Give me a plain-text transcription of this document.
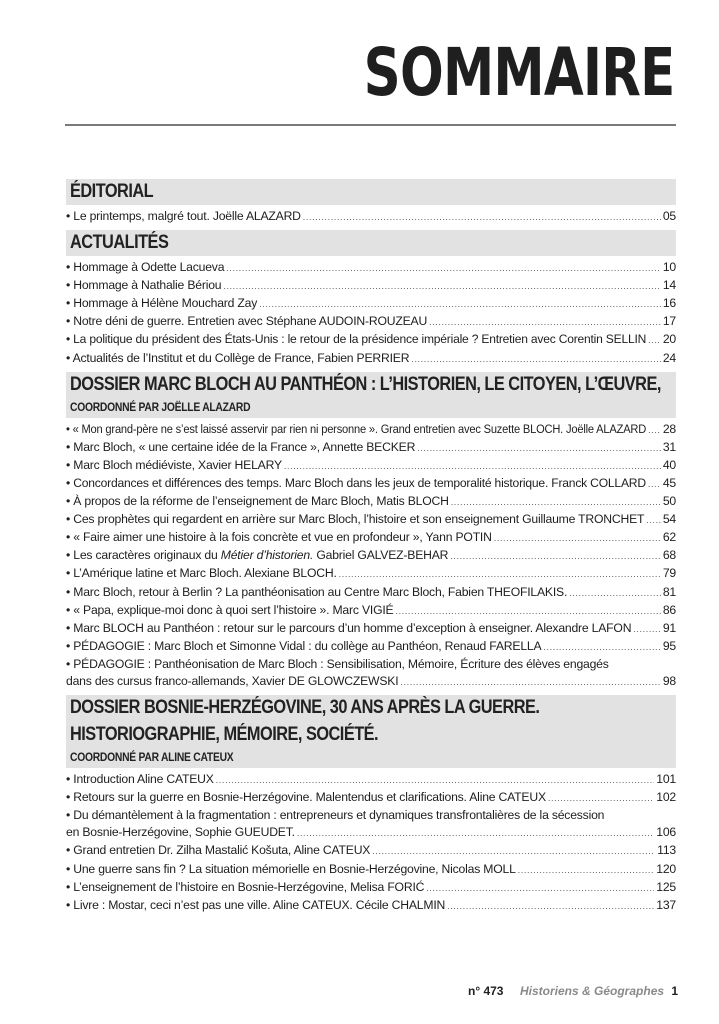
SOMMAIRE
ÉDITORIAL
• Le printemps, malgré tout. Joëlle ALAZARD .....	05
ACTUALITÉS
• Hommage à Odette Lacueva .....	10
• Hommage à Nathalie Bériou .....	14
• Hommage à Hélène Mouchard Zay .....	16
• Notre déni de guerre. Entretien avec Stéphane AUDOIN-ROUZEAU .....	17
• La politique du président des États-Unis : le retour de la présidence impériale ? Entretien avec Corentin SELLIN ..... 20
• Actualités de l’Institut et du Collège de France, Fabien PERRIER .....	24
DOSSIER MARC BLOCH AU PANTHÉON : L’HISTORIEN, LE CITOYEN, L’ŒUVRE,
COORDONNÉ PAR JOËLLE ALAZARD
• « Mon grand-père ne s’est laissé asservir par rien ni personne ». Grand entretien avec Suzette BLOCH. Joëlle ALAZARD ..... 28
• Marc Bloch, « une certaine idée de la France », Annette BECKER .....	31
• Marc Bloch médiéviste, Xavier HELARY .....	40
• Concordances et différences des temps. Marc Bloch dans les jeux de temporalité historique. Franck COLLARD ..... 45
• À propos de la réforme de l’enseignement de Marc Bloch, Matis BLOCH .....	50
• Ces prophètes qui regardent en arrière sur Marc Bloch, l’histoire et son enseignement Guillaume TRONCHET ..... 54
• « Faire aimer une histoire à la fois concrète et vue en profondeur », Yann POTIN .....	62
• Les caractères originaux du Métier d’historien. Gabriel GALVEZ-BEHAR .....	68
• L’Amérique latine et Marc Bloch. Alexiane BLOCH. .....	79
• Marc Bloch, retour à Berlin ? La panthéonisation au Centre Marc Bloch, Fabien THEOFILAKIS. .....	81
• « Papa, explique-moi donc à quoi sert l’histoire ». Marc VIGIÉ .....	86
• Marc BLOCH au Panthéon : retour sur le parcours d’un homme d’exception à enseigner. Alexandre LAFON .....	91
• PÉDAGOGIE : Marc Bloch et Simonne Vidal : du collège au Panthéon, Renaud FARELLA .....	95
• PÉDAGOGIE : Panthéonisation de Marc Bloch : Sensibilisation, Mémoire, Écriture des élèves engagés
dans des cursus franco-allemands, Xavier DE GLOWCZEWSKI .....	98
DOSSIER BOSNIE-HERZÉGOVINE, 30 ANS APRÈS LA GUERRE.
HISTORIOGRAPHIE, MÉMOIRE, SOCIÉTÉ.
COORDONNÉ PAR ALINE CATEUX
• Introduction Aline CATEUX .....	101
• Retours sur la guerre en Bosnie-Herzégovine. Malentendus et clarifications. Aline CATEUX .....	102
• Du démantèlement à la fragmentation : entrepreneurs et dynamiques transfrontalières de la sécession
en Bosnie-Herzégovine, Sophie GUEUDET. .....	106
• Grand entretien Dr. Zilha Mastalić Košuta, Aline CATEUX .....	113
• Une guerre sans fin ? La situation mémorielle en Bosnie-Herzégovine, Nicolas MOLL .....	120
• L’enseignement de l’histoire en Bosnie-Herzégovine, Melisa FORIĆ .....	125
• Livre : Mostar, ceci n’est pas une ville. Aline CATEUX. Cécile CHALMIN .....	137
n° 473 Historiens & Géographes 1
